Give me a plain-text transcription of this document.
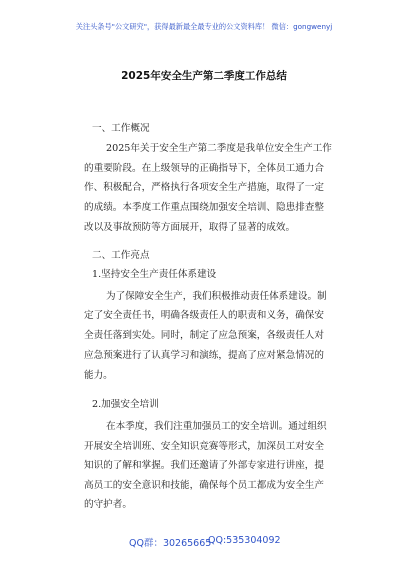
关注头条号"公文研究"，获得最新最全最专业的公文资料库！ 微信：gongwenyj
2025年安全生产第二季度工作总结
一、工作概况
2025年关于安全生产第二季度是我单位安全生产工作
的重要阶段。在上级领导的正确指导下，全体员工通力合
作、积极配合，严格执行各项安全生产措施，取得了一定
的成绩。本季度工作重点围绕加强安全培训、隐患排查整
改以及事故预防等方面展开，取得了显著的成效。
二、工作亮点
1.坚持安全生产责任体系建设
为了保障安全生产，我们积极推动责任体系建设。制
定了安全责任书，明确各级责任人的职责和义务，确保安
全责任落到实处。同时，制定了应急预案，各级责任人对
应急预案进行了认真学习和演练，提高了应对紧急情况的
能力。
2.加强安全培训
在本季度，我们注重加强员工的安全培训。通过组织
开展安全培训班、安全知识竞赛等形式，加深员工对安全
知识的了解和掌握。我们还邀请了外部专家进行讲座，提
高员工的安全意识和技能，确保每个员工都成为安全生产
的守护者。
QQ群：30265665
QQ:535304092
